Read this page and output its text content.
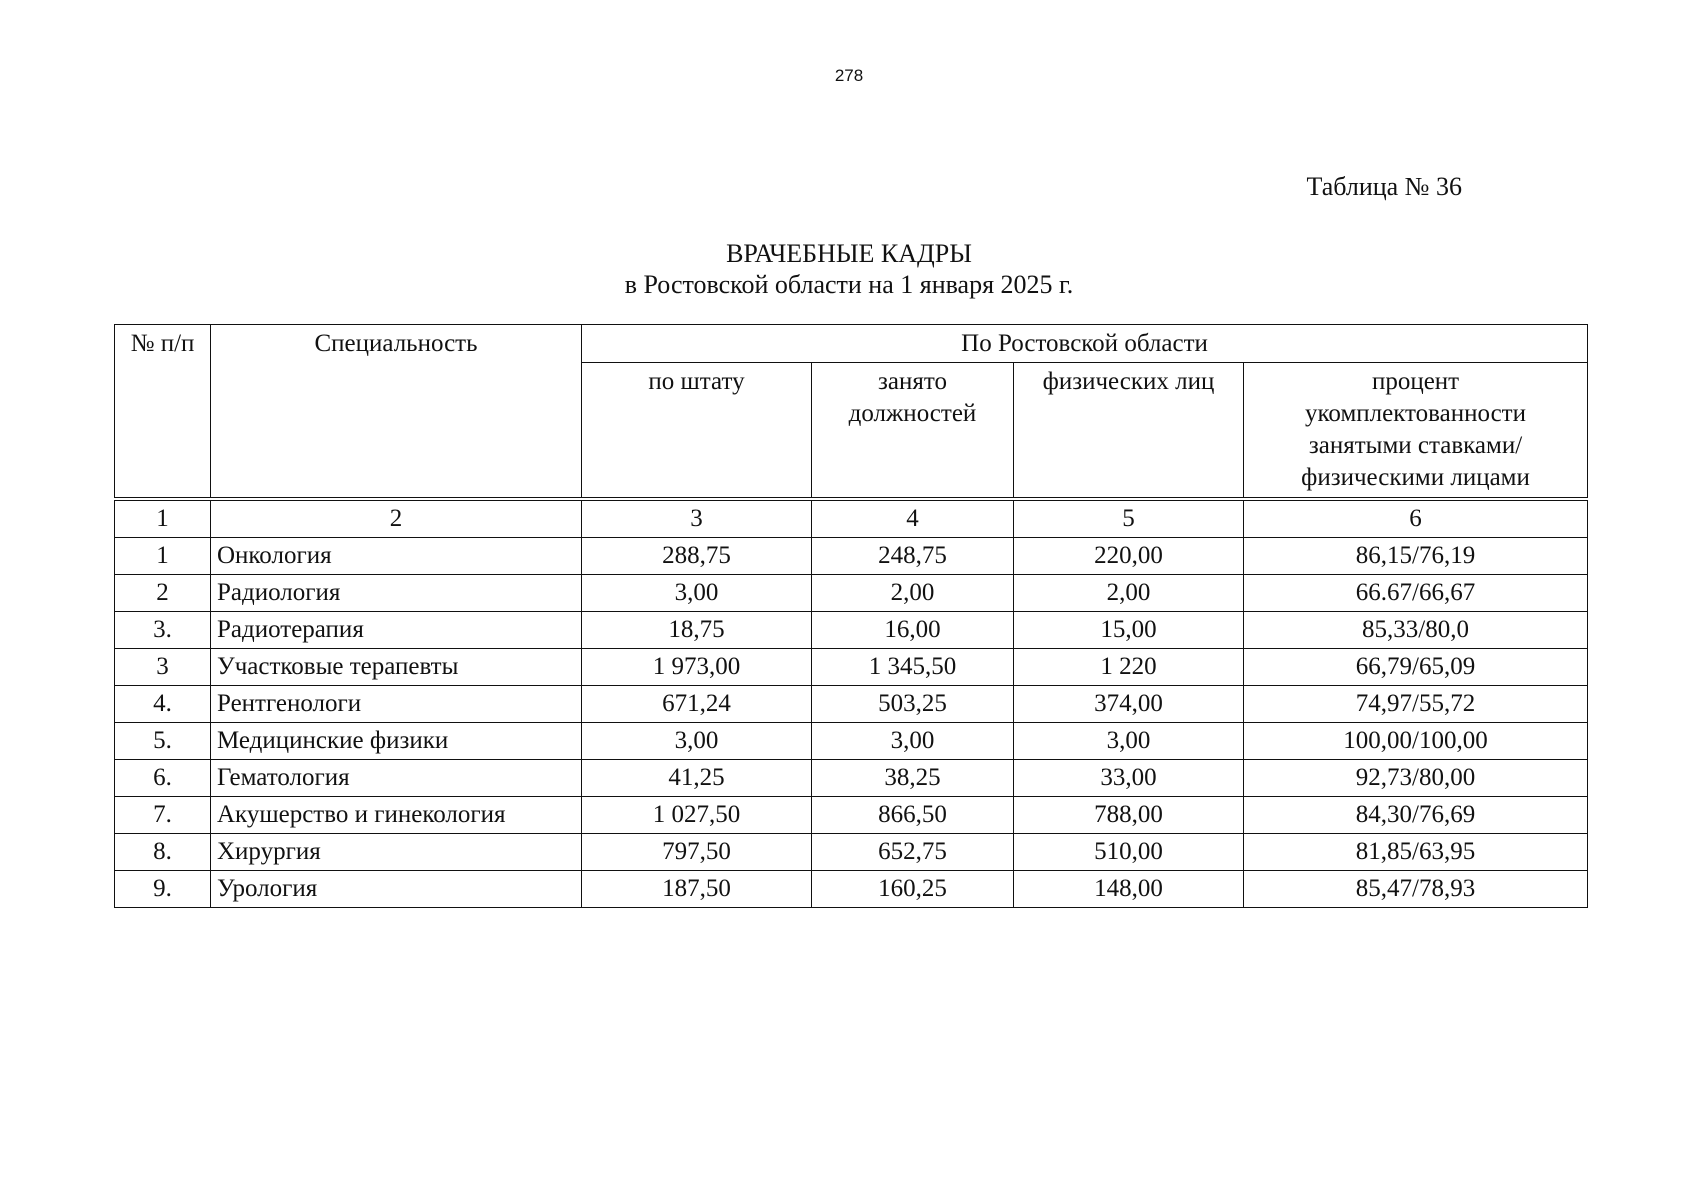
278
Таблица № 36
ВРАЧЕБНЫЕ КАДРЫ
в Ростовской области на 1 января 2025 г.
№ п/п	Специальность	По Ростовской области			
		по штату	занято должностей	физических лиц	процент укомплектованности занятыми ставками/ физическими лицами
1	2	3	4	5	6
1	Онкология	288,75	248,75	220,00	86,15/76,19
2	Радиология	3,00	2,00	2,00	66.67/66,67
3.	Радиотерапия	18,75	16,00	15,00	85,33/80,0
3	Участковые терапевты	1 973,00	1 345,50	1 220	66,79/65,09
4.	Рентгенологи	671,24	503,25	374,00	74,97/55,72
5.	Медицинские физики	3,00	3,00	3,00	100,00/100,00
6.	Гематология	41,25	38,25	33,00	92,73/80,00
7.	Акушерство и гинекология	1 027,50	866,50	788,00	84,30/76,69
8.	Хирургия	797,50	652,75	510,00	81,85/63,95
9.	Урология	187,50	160,25	148,00	85,47/78,93
